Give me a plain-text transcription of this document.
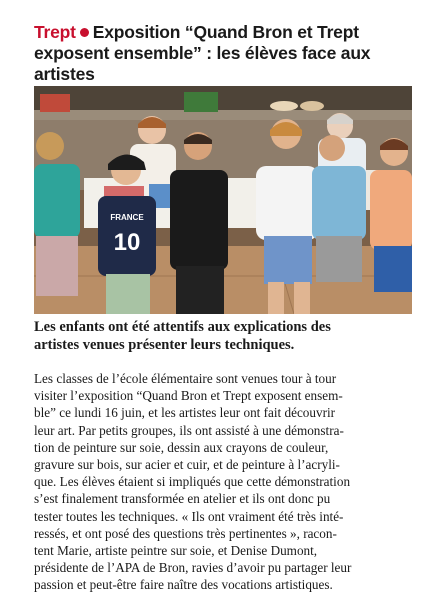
Trept Exposition “Quand Bron et Trept
exposent ensemble” : les élèves face aux artistes
FRANCE
10
Les enfants ont été attentifs aux explications des
artistes venues présenter leurs techniques.
Les classes de l’école élémentaire sont venues tour à tour
visiter l’exposition “Quand Bron et Trept exposent ensem-
ble” ce lundi 16 juin, et les artistes leur ont fait découvrir
leur art. Par petits groupes, ils ont assisté à une démonstra-
tion de peinture sur soie, dessin aux crayons de couleur,
gravure sur bois, sur acier et cuir, et de peinture à l’acryli-
que. Les élèves étaient si impliqués que cette démonstration
s’est finalement transformée en atelier et ils ont donc pu
tester toutes les techniques. « Ils ont vraiment été très inté-
ressés, et ont posé des questions très pertinentes », racon-
tent Marie, artiste peintre sur soie, et Denise Dumont,
présidente de l’APA de Bron, ravies d’avoir pu partager leur
passion et peut-être faire naître des vocations artistiques.
